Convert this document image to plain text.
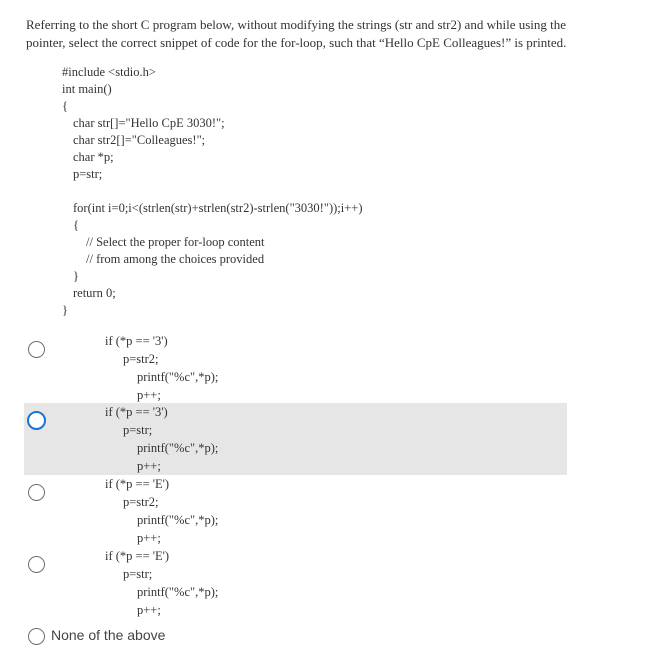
Referring to the short C program below, without modifying the strings (str and str2) and while using the
pointer, select the correct snippet of code for the for-loop, such that “Hello CpE Colleagues!” is printed.
#include <stdio.h>
int main()
{
char str[]="Hello CpE 3030!";
char str2[]="Colleagues!";
char *p;
p=str;
for(int i=0;i<(strlen(str)+strlen(str2)-strlen("3030!"));i++)
{
// Select the proper for-loop content
// from among the choices provided
}
return 0;
}
if (*p == '3')
p=str2;
printf("%c",*p);
p++;
if (*p == '3')
p=str;
printf("%c",*p);
p++;
if (*p == 'E')
p=str2;
printf("%c",*p);
p++;
if (*p == 'E')
p=str;
printf("%c",*p);
p++;
None of the above
